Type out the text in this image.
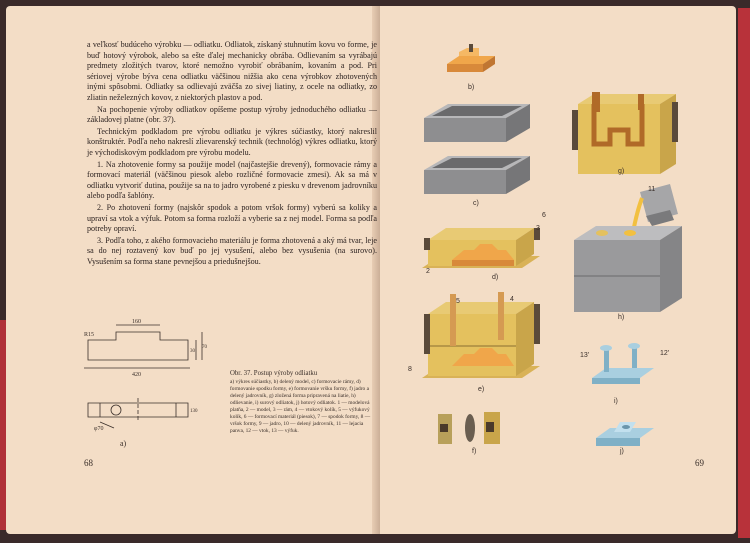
a veľkosť budúceho výrobku — odliatku. Odliatok, získaný stuhnutím kovu vo forme, je buď hotový výrobok, alebo sa ešte ďalej mechanicky obrába. Odlievaním sa vyrábajú predmety zložitých tvarov, ktoré nemožno vyrobiť obrábaním, kovaním a pod. Pri sériovej výrobe býva cena odliatku väčšinou nižšia ako cena výrobkov zhotovených inými spôsobmi. Odliatky sa odlievajú zväčša zo sivej liatiny, z ocele na odliatky, zo zliatin neželezných kovov, z niektorých plastov a pod.

Na pochopenie výroby odliatkov opíšeme postup výroby jednoduchého odliatku — základovej platne (obr. 37).

Technickým podkladom pre výrobu odliatku je výkres súčiastky, ktorý nakreslil konštruktér. Podľa neho nakreslí zlievarenský technik (technológ) výkres odliatku, ktorý je východiskovým podkladom pre výrobu modelu.

1. Na zhotovenie formy sa použije model (najčastejšie drevený), formovacie rámy a formovací materiál (väčšinou piesok alebo rozličné formovacie zmesi). Ak sa má v odliatku vytvoriť dutina, použije sa na to jadro vyrobené z piesku v drevenom jadrovníku alebo podľa šablóny.

2. Po zhotovení formy (najskôr spodok a potom vršok formy) vyberú sa koliky a upraví sa vtok a výfuk. Potom sa forma rozloží a vyberie sa z nej model. Forma sa podľa potreby opraví.

3. Podľa toho, z akého formovacieho materiálu je forma zhotovená a aký má tvar, leje sa do nej roztavený kov buď po jej vysušení, alebo bez vysušenia (na surovo). Vysušením sa forma stane pevnejšou a priedušnejšou.

160
R15
30
70
420
φ70
130
a)
Obr. 37. Postup výroby odliatku
a) výkres súčiastky, b) delený model, c) formovacie rámy, d) formovanie spodku formy, e) formovanie vršku formy, f) jadro a delený jadrovník, g) zložená forma pripravená na liatie, h) odlievanie, i) surový odliatok, j) hotový odliatok. 1 — modelová platňa, 2 — model, 3 — rám, 4 — vtokový kolík, 5 — výfukový kolík, 6 — formovací materiál (piesok), 7 — spodok formy, 8 — vršok formy, 9 — jadro, 10 — delený jadrovník, 11 — lejacia panva, 12 — vtok, 13 — výfuk.
68	69
b)
c)
2
d)
6
3
e)
5	4
8
f)
g)
h)
11
i)
13'	12'
j)
